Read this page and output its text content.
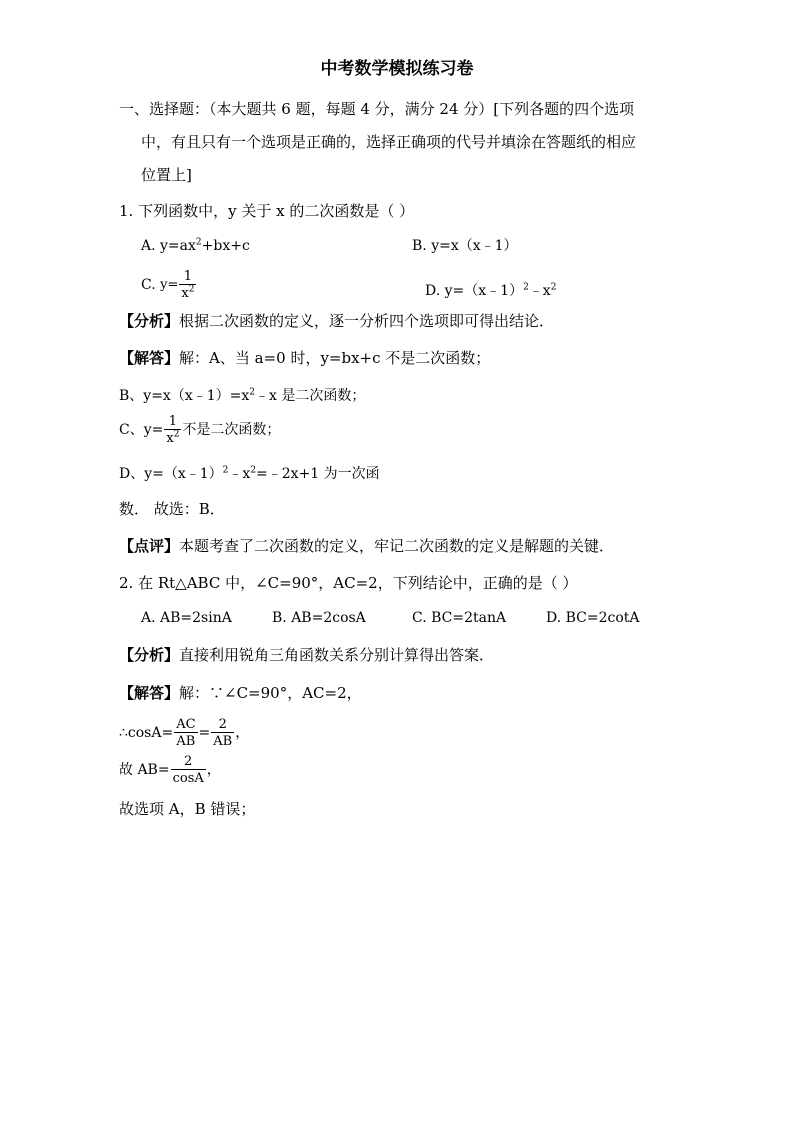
中考数学模拟练习卷
一、选择题：（本大题共 6 题，每题 4 分，满分 24 分）[下列各题的四个选项
中，有且只有一个选项是正确的，选择正确项的代号并填涂在答题纸的相应
位置上]
1. 下列函数中，y 关于 x 的二次函数是（ ）
A. $y=ax^2+bx+c$	B. y=x（x﹣1）
C. $y= \frac{1}{x^2}$	D. $y=(x﹣1)^2﹣x^2$
【分析】根据二次函数的定义，逐一分析四个选项即可得出结论．
【解答】解：A、当 a=0 时，y=bx+c 不是二次函数；
B、$y=x(x﹣1)=x^2﹣x$ 是二次函数；
C、$y= \frac{1}{x^2}$ 不是二次函数；
D、$y=(x﹣1)^2﹣x^2=﹣2x+1$ 为一次函
数． 故选：B．
【点评】本题考查了二次函数的定义，牢记二次函数的定义是解题的关键．
2. 在 Rt△ABC 中，∠C=90°，AC=2，下列结论中，正确的是（ ）
A. AB=2sinA	B. AB=2cosA	C. BC=2tanA	D. BC=2cotA
【分析】直接利用锐角三角函数关系分别计算得出答案．
【解答】解：∵∠C=90°，AC=2，
∴cosA= $\frac{AC}{AB} = \frac{2}{AB}$ ，
故 $AB= \frac{2}{\cos A}$ ，
故选项 A，B 错误；
